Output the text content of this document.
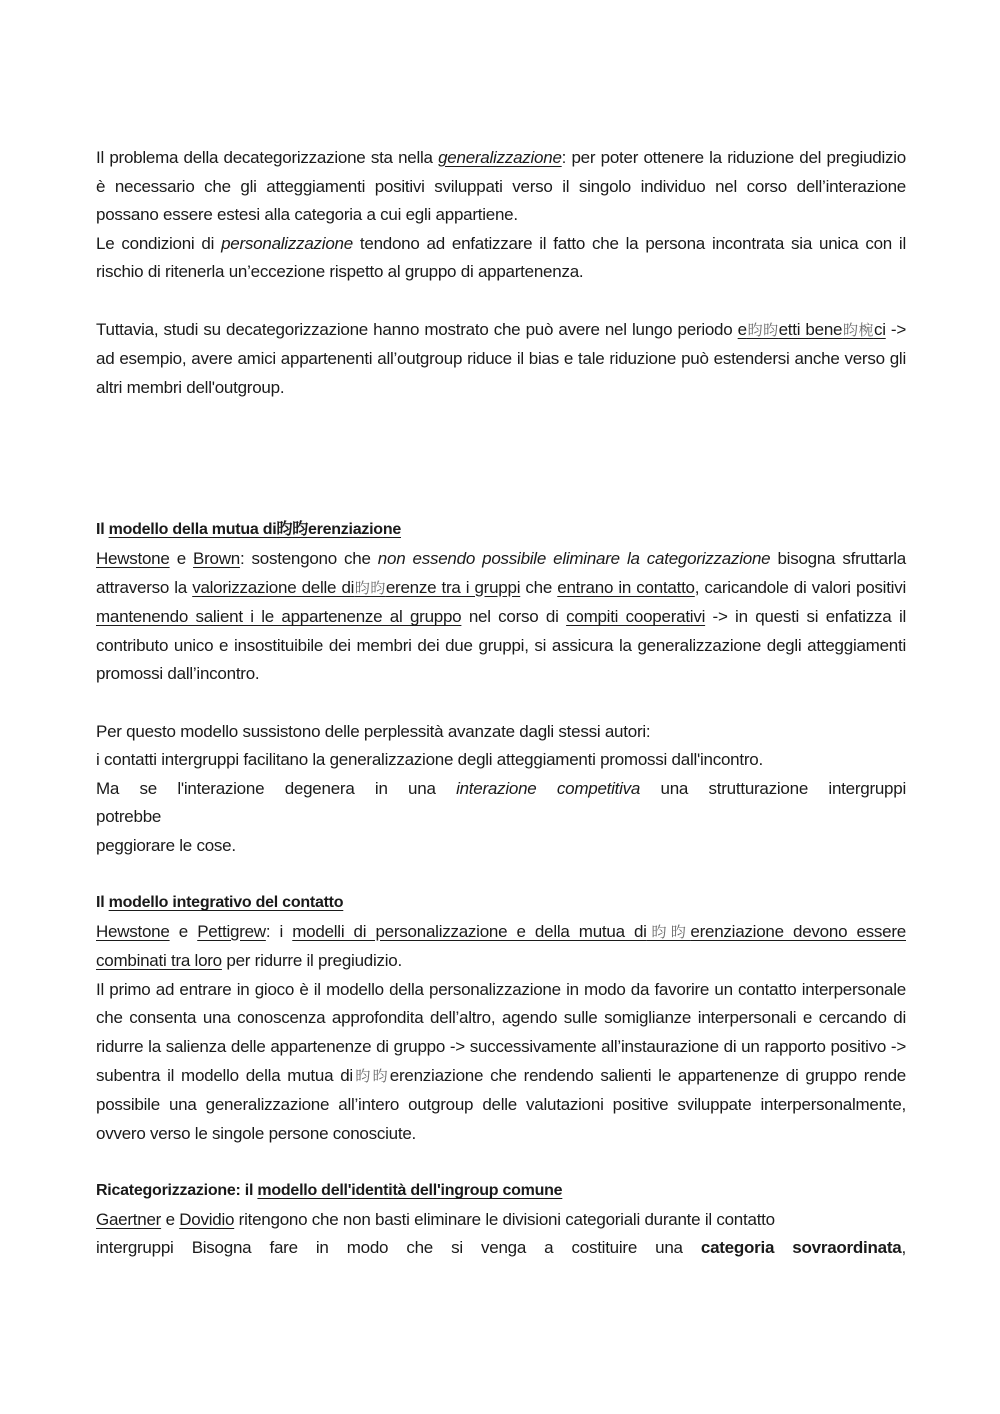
Il problema della decategorizzazione sta nella generalizzazione: per poter ottenere la riduzione del pregiudizio è necessario che gli atteggiamenti positivi sviluppati verso il singolo individuo nel corso dell’interazione possano essere estesi alla categoria a cui egli appartiene.

Le condizioni di personalizzazione tendono ad enfatizzare il fatto che la persona incontrata sia unica con il rischio di ritenerla un’eccezione rispetto al gruppo di appartenenza.

Tuttavia, studi su decategorizzazione hanno mostrato che può avere nel lungo periodo e昀昀etti bene昀椀ci -> ad esempio, avere amici appartenenti all’outgroup riduce il bias e tale riduzione può estendersi anche verso gli altri membri dell'outgroup.

Il modello della mutua di昀昀erenziazione

Hewstone e Brown: sostengono che non essendo possibile eliminare la categorizzazione bisogna sfruttarla attraverso la valorizzazione delle di昀昀erenze tra i gruppi che entrano in contatto, caricandole di valori positivi mantenendo salient i le appartenenze al gruppo nel corso di compiti cooperativi -> in questi si enfatizza il contributo unico e insostituibile dei membri dei due gruppi, si assicura la generalizzazione degli atteggiamenti promossi dall’incontro.

Per questo modello sussistono delle perplessità avanzate dagli stessi autori:

i contatti intergruppi facilitano la generalizzazione degli atteggiamenti promossi dall'incontro.

Ma se l'interazione degenera in una interazione competitiva una strutturazione intergruppi

potrebbe

peggiorare le cose.

Il modello integrativo del contatto

Hewstone e Pettigrew: i modelli di personalizzazione e della mutua di昀昀erenziazione devono essere combinati tra loro per ridurre il pregiudizio.

Il primo ad entrare in gioco è il modello della personalizzazione in modo da favorire un contatto interpersonale che consenta una conoscenza approfondita dell’altro, agendo sulle somiglianze interpersonali e cercando di ridurre la salienza delle appartenenze di gruppo -> successivamente all’instaurazione di un rapporto positivo -> subentra il modello della mutua di昀昀erenziazione che rendendo salienti le appartenenze di gruppo rende possibile una generalizzazione all’intero outgroup delle valutazioni positive sviluppate interpersonalmente, ovvero verso le singole persone conosciute.

Ricategorizzazione: il modello dell'identità dell'ingroup comune

Gaertner e Dovidio ritengono che non basti eliminare le divisioni categoriali durante il contatto

intergruppi Bisogna fare in modo che si venga a costituire una categoria sovraordinata,
